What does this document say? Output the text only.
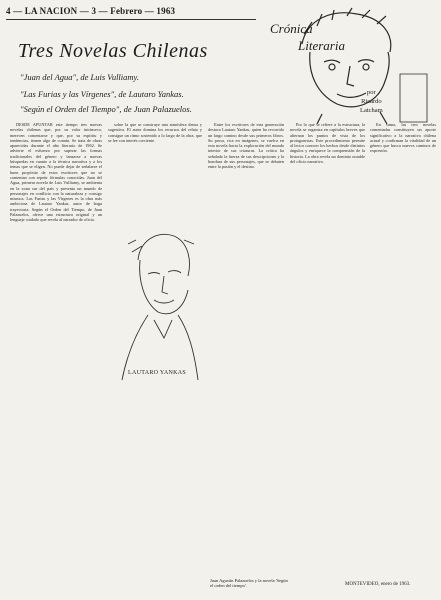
4 — LA NACION — 3 — Febrero — 1963
Tres Novelas Chilenas
"Juan del Agua", de Luis Vulliamy.
"Las Furias y las Vírgenes", de Lautaro Yankas.
"Según el Orden del Tiempo", de Juan Palazuelos.
Crónica
Literaria
por
Ricardo
Latcham

DESDE APUNTAR este tiempo tres nuevas novelas chilenas que, por su valor intrínseco, merecen comentarse y que, por su espíritu y tendencias, tienen algo de común. Se trata de obras aparecidas durante el año literario de 1962. Se advierte el esfuerzo por superar las formas tradicionales del género y lanzarse a nuevas búsquedas en cuanto a la técnica narrativa y a los temas que se eligen. No puede dejar de señalarse el buen propósito de estos escritores que no se contentan con repetir fórmulas conocidas. Juan del Agua, primera novela de Luis Vulliamy, se ambienta en la zona sur del país y presenta un mundo de personajes en conflicto con la naturaleza y consigo mismos. Las Furias y las Vírgenes es la obra más ambiciosa de Lautaro Yankas, autor de larga trayectoria. Según el Orden del Tiempo, de Juan Palazuelos, ofrece una estructura original y un lenguaje cuidado que revela al narrador de oficio.

sobre la que se construye una atmósfera densa y sugestiva. El autor domina los recursos del relato y consigue un ritmo sostenido a lo largo de la obra, que se lee con interés creciente.

LAUTARO YANKAS

Entre los escritores de esta generación destaca Lautaro Yankas, quien ha recorrido un largo camino desde sus primeros libros. Su prosa, rica en imágenes, se vuelca en esta novela hacia la exploración del mundo interior de sus criaturas. La crítica ha señalado la fuerza de sus descripciones y la hondura de sus personajes, que se debaten entre la pasión y el destino.

Por lo que se refiere a la estructura, la novela se organiza en capítulos breves que alternan los puntos de vista de los protagonistas. Este procedimiento permite al lector conocer los hechos desde distintos ángulos y enriquece la comprensión de la historia. La obra revela un dominio notable del oficio narrativo.

En suma, las tres novelas comentadas constituyen un aporte significativo a la narrativa chilena actual y confirman la vitalidad de un género que busca nuevos caminos de expresión.

Juan Agustín Palazuelos y la novela 'Según el orden del tiempo'.	MONTEVIDEO, enero de 1963.
